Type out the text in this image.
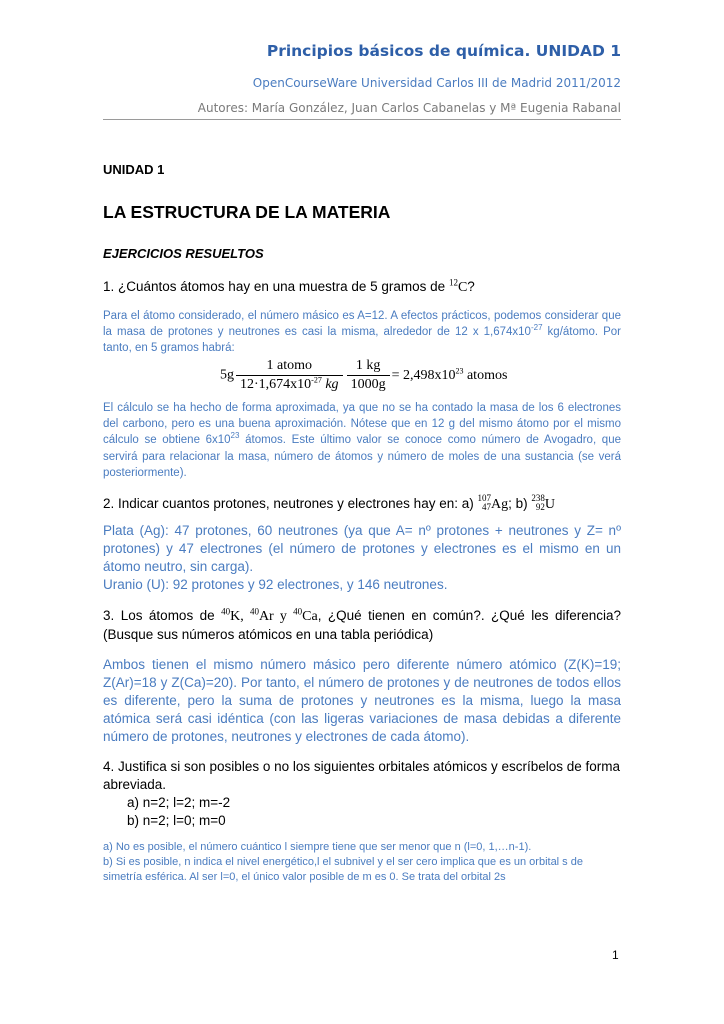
Principios básicos de química. UNIDAD 1
OpenCourseWare Universidad Carlos III de Madrid 2011/2012
Autores: María González, Juan Carlos Cabanelas y Mª Eugenia Rabanal
UNIDAD 1
LA ESTRUCTURA DE LA MATERIA
EJERCICIOS RESUELTOS
1. ¿Cuántos átomos hay en una muestra de 5 gramos de $^{12}$C?
Para el átomo considerado, el número másico es A=12. A efectos prácticos, podemos considerar que la masa de protones y neutrones es casi la misma, alrededor de 12 x $1,674x10^{-27}$ kg/átomo. Por tanto, en 5 gramos habrá:
$5g \frac{\text{1 atomo}}{12\cdot 1,674x10^{-27} kg} \frac{1 kg}{1000g} = 2,498x10^{23}$ atomos
El cálculo se ha hecho de forma aproximada, ya que no se ha contado la masa de los 6 electrones del carbono, pero es una buena aproximación. Nótese que en 12 g del mismo átomo por el mismo cálculo se obtiene $6x10^{23}$ átomos. Este último valor se conoce como número de Avogadro, que servirá para relacionar la masa, número de átomos y número de moles de una sustancia (se verá posteriormente).
2. Indicar cuantos protones, neutrones y electrones hay en: a) 107
47 Ag; b) 238
92 U
Plata (Ag): 47 protones, 60 neutrones (ya que A= nº protones + neutrones y Z= nº protones) y 47 electrones (el número de protones y electrones es el mismo en un átomo neutro, sin carga).
Uranio (U): 92 protones y 92 electrones, y 146 neutrones.
3. Los átomos de $^{40}$K, $^{40}$Ar y $^{40}$Ca, ¿Qué tienen en común?. ¿Qué les diferencia? (Busque sus números atómicos en una tabla periódica)
Ambos tienen el mismo número másico pero diferente número atómico (Z(K)=19; Z(Ar)=18 y Z(Ca)=20). Por tanto, el número de protones y de neutrones de todos ellos es diferente, pero la suma de protones y neutrones es la misma, luego la masa atómica será casi idéntica (con las ligeras variaciones de masa debidas a diferente número de protones, neutrones y electrones de cada átomo).
4. Justifica si son posibles o no los siguientes orbitales atómicos y escríbelos de forma abreviada.
a) n=2; l=2; m=-2
b) n=2; l=0; m=0
a) No es posible, el número cuántico l siempre tiene que ser menor que n (l=0, 1,…n-1).
b) Si es posible, n indica el nivel energético,l el subnivel y el ser cero implica que es un orbital s de simetría esférica. Al ser l=0, el único valor posible de m es 0. Se trata del orbital 2s
1
